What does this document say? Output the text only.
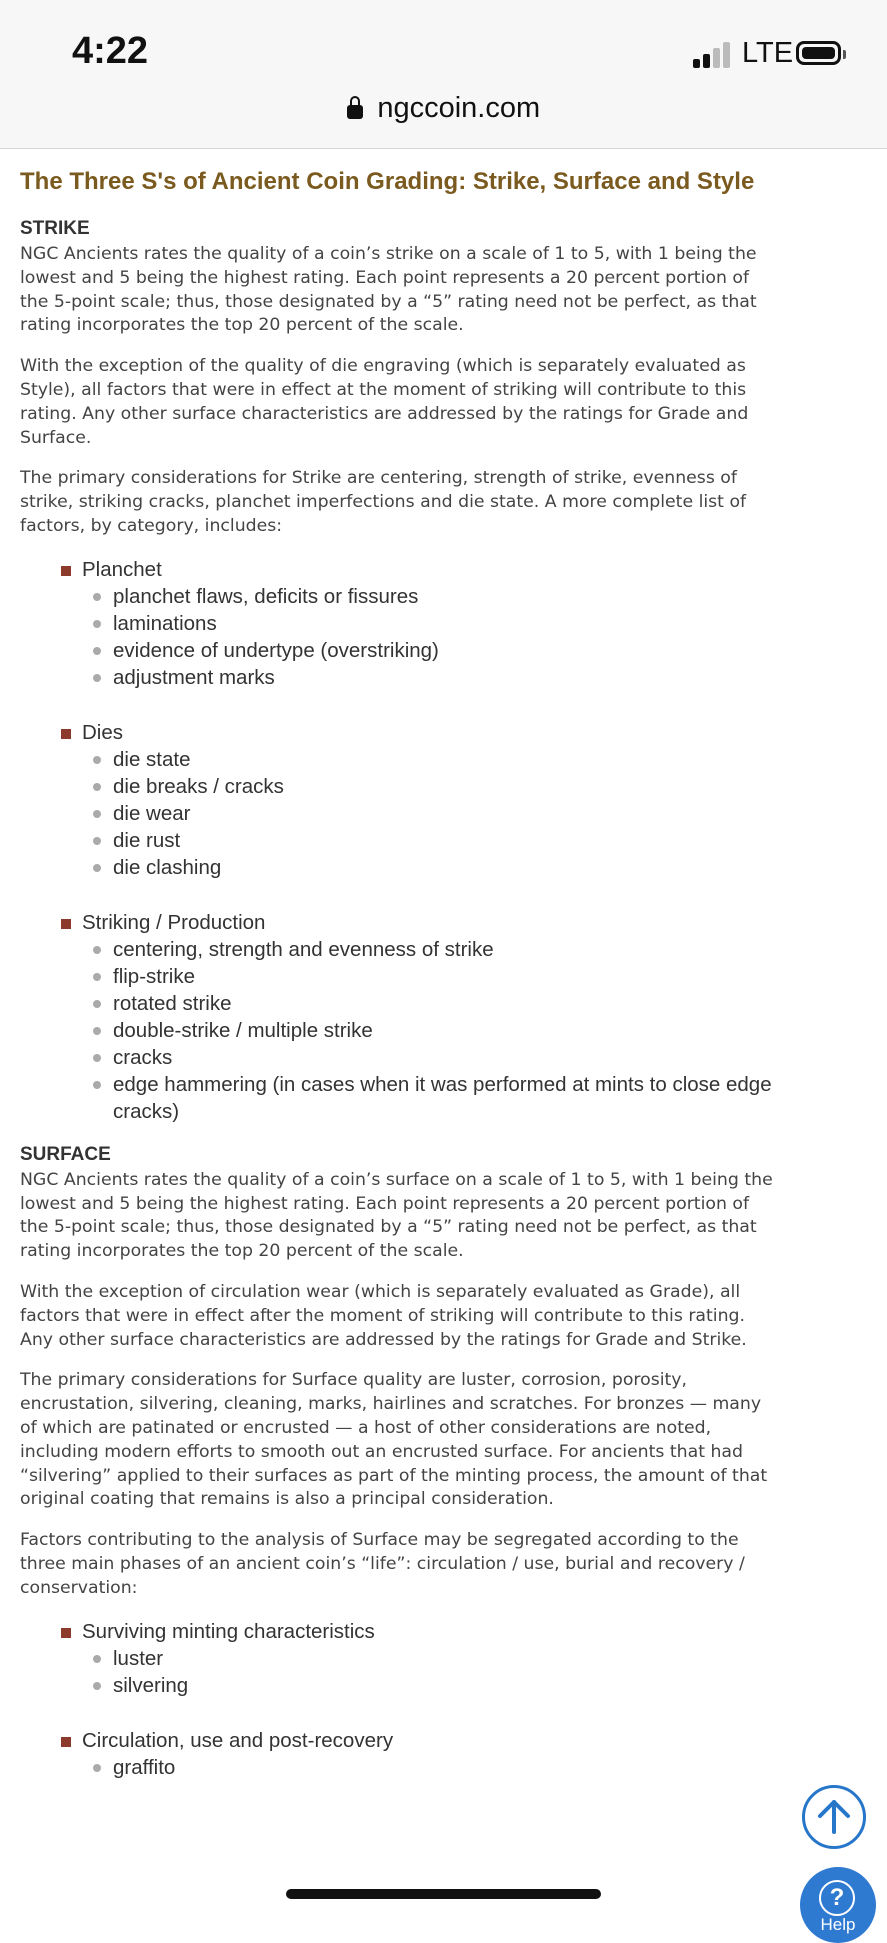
4:22	LTE
ngccoin.com
The Three S's of Ancient Coin Grading: Strike, Surface and Style
STRIKE

NGC Ancients rates the quality of a coin’s strike on a scale of 1 to 5, with 1 being the lowest and 5 being the highest rating. Each point represents a 20 percent portion of the 5-point scale; thus, those designated by a “5” rating need not be perfect, as that rating incorporates the top 20 percent of the scale.

With the exception of the quality of die engraving (which is separately evaluated as Style), all factors that were in effect at the moment of striking will contribute to this rating. Any other surface characteristics are addressed by the ratings for Grade and Surface.

The primary considerations for Strike are centering, strength of strike, evenness of strike, striking cracks, planchet imperfections and die state. A more complete list of factors, by category, includes:

Planchet
planchet flaws, deficits or fissures
laminations
evidence of undertype (overstriking)
adjustment marks
Dies
die state
die breaks / cracks
die wear
die rust
die clashing
Striking / Production
centering, strength and evenness of strike
flip-strike
rotated strike
double-strike / multiple strike
cracks
edge hammering (in cases when it was performed at mints to close edge cracks)
SURFACE

NGC Ancients rates the quality of a coin’s surface on a scale of 1 to 5, with 1 being the lowest and 5 being the highest rating. Each point represents a 20 percent portion of the 5-point scale; thus, those designated by a “5” rating need not be perfect, as that rating incorporates the top 20 percent of the scale.

With the exception of circulation wear (which is separately evaluated as Grade), all factors that were in effect after the moment of striking will contribute to this rating. Any other surface characteristics are addressed by the ratings for Grade and Strike.

The primary considerations for Surface quality are luster, corrosion, porosity, encrustation, silvering, cleaning, marks, hairlines and scratches. For bronzes — many of which are patinated or encrusted — a host of other considerations are noted, including modern efforts to smooth out an encrusted surface. For ancients that had “silvering” applied to their surfaces as part of the minting process, the amount of that original coating that remains is also a principal consideration.

Factors contributing to the analysis of Surface may be segregated according to the three main phases of an ancient coin’s “life”: circulation / use, burial and recovery / conservation:

Surviving minting characteristics
luster
silvering
Circulation, use and post-recovery
graffito
?
Help
